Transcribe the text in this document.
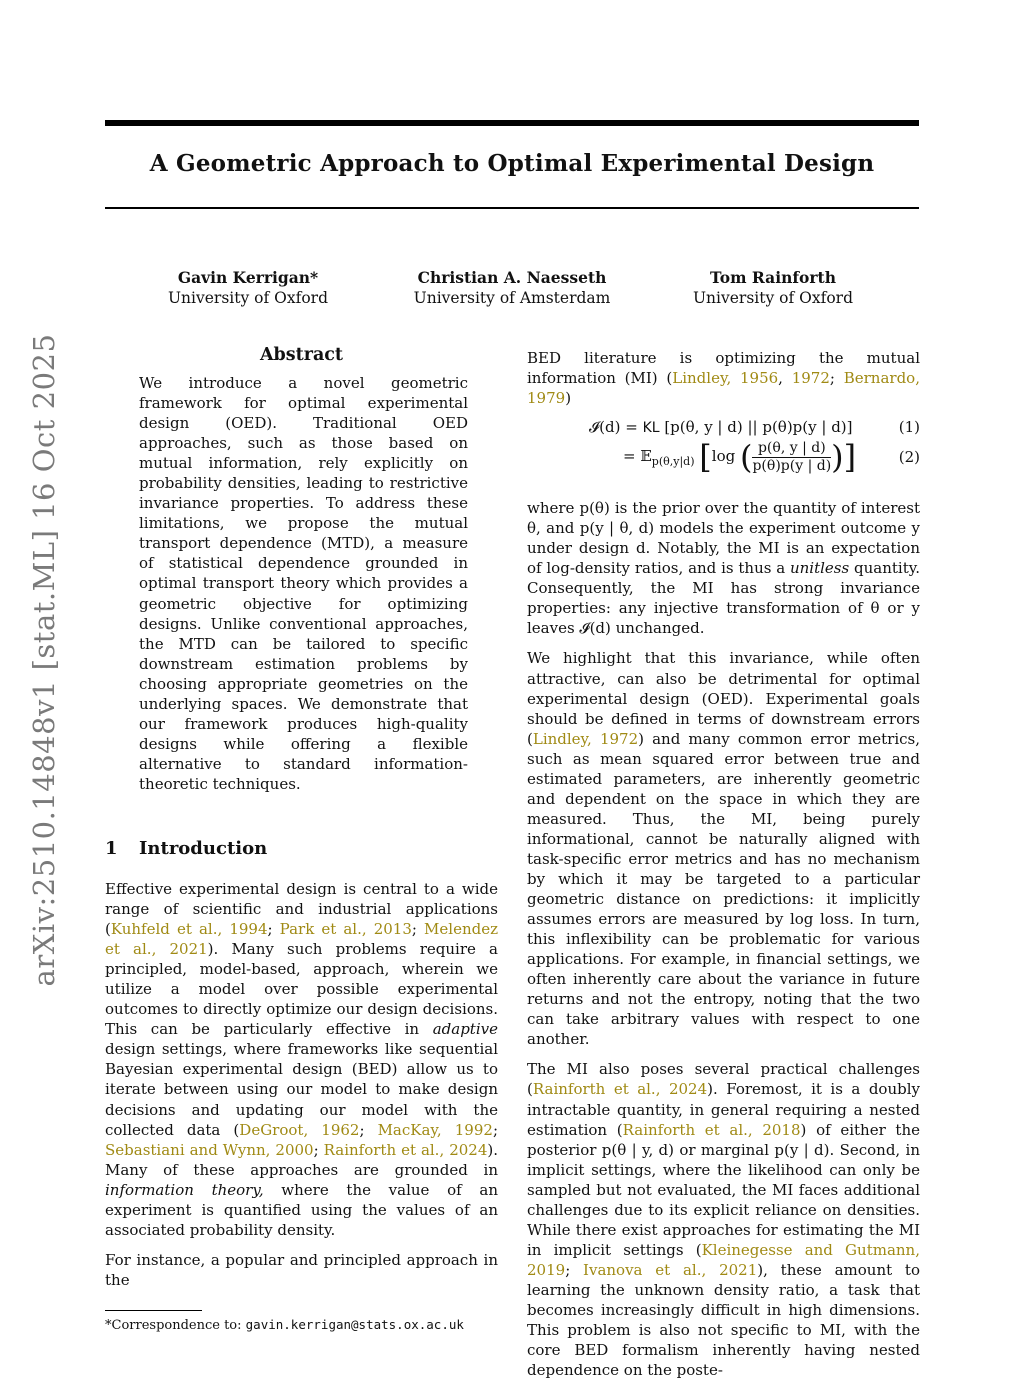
A Geometric Approach to Optimal Experimental Design
Gavin Kerrigan*
University of Oxford
Christian A. Naesseth
University of Amsterdam
Tom Rainforth
University of Oxford
arXiv:2510.14848v1 [stat.ML] 16 Oct 2025	Abstract
We introduce a novel geometric framework for optimal experimental design (OED). Traditional OED approaches, such as those based on mutual information, rely explicitly on probability densities, leading to restrictive invariance properties. To address these limitations, we propose the mutual transport dependence (MTD), a measure of statistical dependence grounded in optimal transport theory which provides a geometric objective for optimizing designs. Unlike conventional approaches, the MTD can be tailored to specific downstream estimation problems by choosing appropriate geometries on the underlying spaces. We demonstrate that our framework produces high-quality designs while offering a flexible alternative to standard information-theoretic techniques.
1 Introduction

Effective experimental design is central to a wide range of scientific and industrial applications (Kuhfeld et al., 1994; Park et al., 2013; Melendez et al., 2021). Many such problems require a principled, model-based, approach, wherein we utilize a model over possible experimental outcomes to directly optimize our design decisions. This can be particularly effective in adaptive design settings, where frameworks like sequential Bayesian experimental design (BED) allow us to iterate between using our model to make design decisions and updating our model with the collected data (DeGroot, 1962; MacKay, 1992; Sebastiani and Wynn, 2000; Rainforth et al., 2024). Many of these approaches are grounded in information theory, where the value of an experiment is quantified using the values of an associated probability density.

For instance, a popular and principled approach in the

*Correspondence to: gavin.kerrigan@stats.ox.ac.uk

BED literature is optimizing the mutual information (MI) (Lindley, 1956, 1972; Bernardo, 1979)

𝓘(d) = KL [p(θ, y | d) || p(θ)p(y | d)]	(1)
= 𝔼$_{p(\theta,y|d)}$ [log ($\frac{p(\theta, y | d)}{p(\theta)p(y | d)}$ )]	(2)

where p(θ) is the prior over the quantity of interest θ, and p(y | θ, d) models the experiment outcome y under design d. Notably, the MI is an expectation of log-density ratios, and is thus a unitless quantity. Consequently, the MI has strong invariance properties: any injective transformation of θ or y leaves 𝓘(d) unchanged.

We highlight that this invariance, while often attractive, can also be detrimental for optimal experimental design (OED). Experimental goals should be defined in terms of downstream errors (Lindley, 1972) and many common error metrics, such as mean squared error between true and estimated parameters, are inherently geometric and dependent on the space in which they are measured. Thus, the MI, being purely informational, cannot be naturally aligned with task-specific error metrics and has no mechanism by which it may be targeted to a particular geometric distance on predictions: it implicitly assumes errors are measured by log loss. In turn, this inflexibility can be problematic for various applications. For example, in financial settings, we often inherently care about the variance in future returns and not the entropy, noting that the two can take arbitrary values with respect to one another.

The MI also poses several practical challenges (Rainforth et al., 2024). Foremost, it is a doubly intractable quantity, in general requiring a nested estimation (Rainforth et al., 2018) of either the posterior p(θ | y, d) or marginal p(y | d). Second, in implicit settings, where the likelihood can only be sampled but not evaluated, the MI faces additional challenges due to its explicit reliance on densities. While there exist approaches for estimating the MI in implicit settings (Kleinegesse and Gutmann, 2019; Ivanova et al., 2021), these amount to learning the unknown density ratio, a task that becomes increasingly difficult in high dimensions. This problem is also not specific to MI, with the core BED formalism inherently having nested dependence on the poste-
